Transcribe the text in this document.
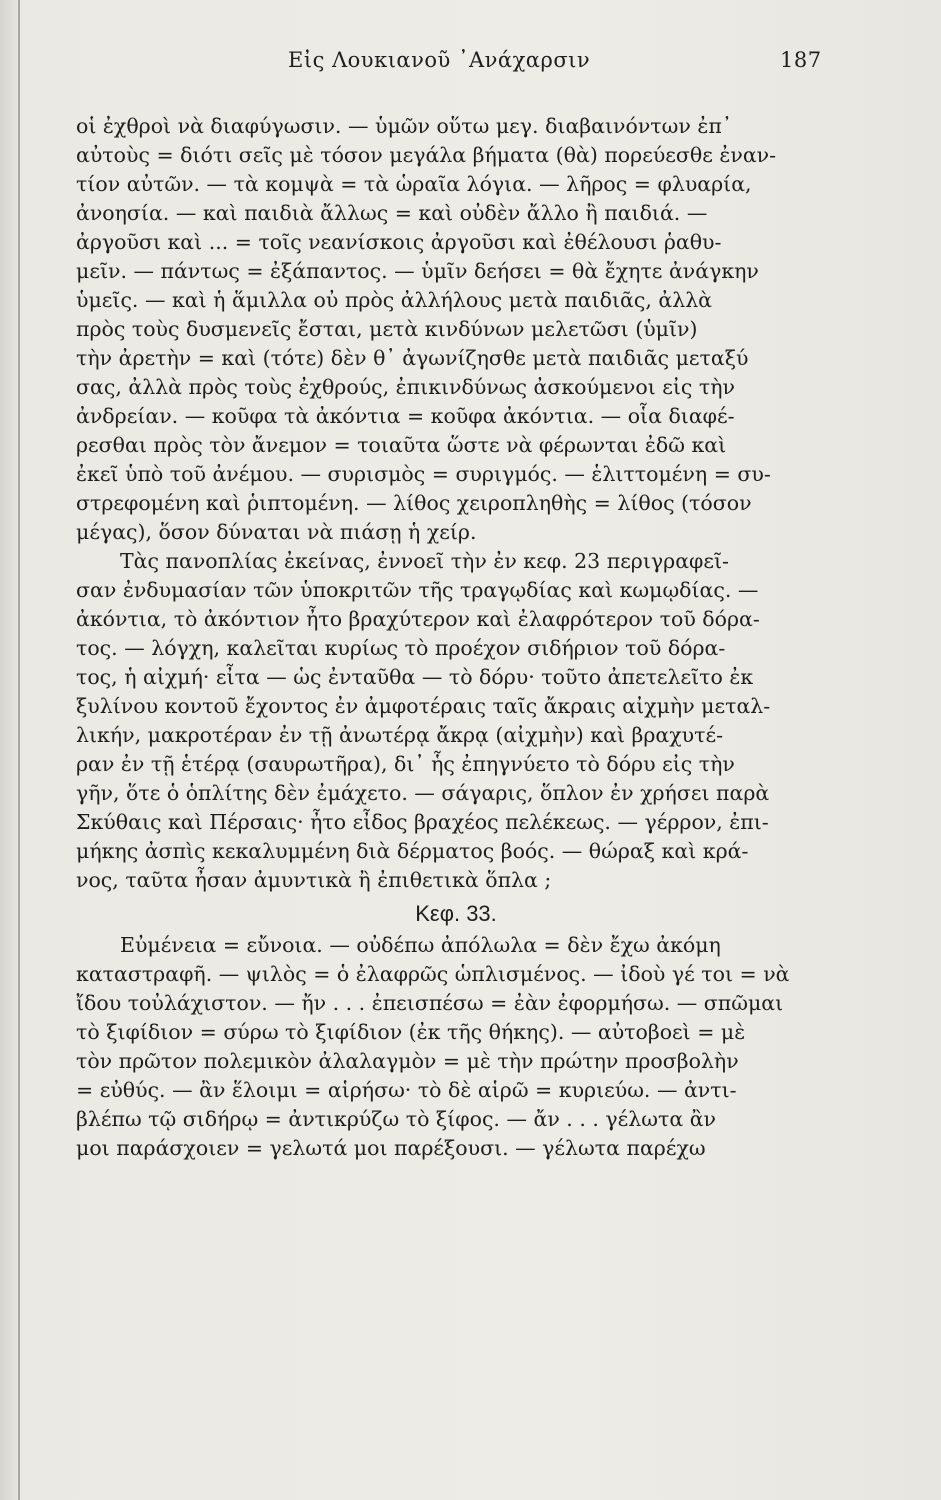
Εἰς Λουκιανοῦ ᾿Ανάχαρσιν	187
οἱ ἐχθροὶ νὰ διαφύγωσιν. — ὑμῶν οὕτω μεγ. διαβαινόντων ἐπ᾿
αὐτοὺς = διότι σεῖς μὲ τόσον μεγάλα βήματα (θὰ) πορεύεσθε ἐναν-
τίον αὐτῶν. — τὰ κομψὰ = τὰ ὡραῖα λόγια. — λῆρος = φλυαρία,
ἀνοησία. — καὶ παιδιὰ ἄλλως = καὶ οὐδὲν ἄλλο ἢ παιδιά. —
ἀργοῦσι καὶ ... = τοῖς νεανίσκοις ἀργοῦσι καὶ ἐθέλουσι ῥαθυ-
μεῖν. — πάντως = ἐξάπαντος. — ὑμῖν δεήσει = θὰ ἔχητε ἀνάγκην
ὑμεῖς. — καὶ ἡ ἅμιλλα οὐ πρὸς ἀλλήλους μετὰ παιδιᾶς, ἀλλὰ
πρὸς τοὺς δυσμενεῖς ἔσται, μετὰ κινδύνων μελετῶσι (ὑμῖν)
τὴν ἀρετὴν = καὶ (τότε) δὲν θ᾿ ἀγωνίζησθε μετὰ παιδιᾶς μεταξύ
σας, ἀλλὰ πρὸς τοὺς ἐχθρούς, ἐπικινδύνως ἀσκούμενοι εἰς τὴν
ἀνδρείαν. — κοῦφα τὰ ἀκόντια = κοῦφα ἀκόντια. — οἷα διαφέ-
ρεσθαι πρὸς τὸν ἄνεμον = τοιαῦτα ὥστε νὰ φέρωνται ἐδῶ καὶ
ἐκεῖ ὑπὸ τοῦ ἀνέμου. — συρισμὸς = συριγμός. — ἑλιττομένη = συ-
στρεφομένη καὶ ῥιπτομένη. — λίθος χειροπληθὴς = λίθος (τόσον
μέγας), ὅσον δύναται νὰ πιάσῃ ἡ χείρ.
Τὰς πανοπλίας ἐκείνας, ἐννοεῖ τὴν ἐν κεφ. 23 περιγραφεῖ-
σαν ἐνδυμασίαν τῶν ὑποκριτῶν τῆς τραγῳδίας καὶ κωμῳδίας. —
ἀκόντια, τὸ ἀκόντιον ἦτο βραχύτερον καὶ ἐλαφρότερον τοῦ δόρα-
τος. — λόγχη, καλεῖται κυρίως τὸ προέχον σιδήριον τοῦ δόρα-
τος, ἡ αἰχμή· εἶτα — ὡς ἐνταῦθα — τὸ δόρυ· τοῦτο ἀπετελεῖτο ἐκ
ξυλίνου κοντοῦ ἔχοντος ἐν ἀμφοτέραις ταῖς ἄκραις αἰχμὴν μεταλ-
λικήν, μακροτέραν ἐν τῇ ἀνωτέρᾳ ἄκρᾳ (αἰχμὴν) καὶ βραχυτέ-
ραν ἐν τῇ ἑτέρᾳ (σαυρωτῆρα), δι᾿ ἧς ἐπηγνύετο τὸ δόρυ εἰς τὴν
γῆν, ὅτε ὁ ὁπλίτης δὲν ἐμάχετο. — σάγαρις, ὅπλον ἐν χρήσει παρὰ
Σκύθαις καὶ Πέρσαις· ἦτο εἶδος βραχέος πελέκεως. — γέρρον, ἐπι-
μήκης ἀσπὶς κεκαλυμμένη διὰ δέρματος βοός. — θώραξ καὶ κρά-
νος, ταῦτα ἦσαν ἀμυντικὰ ἢ ἐπιθετικὰ ὅπλα ;
Κεφ. 33.
Εὐμένεια = εὔνοια. — οὐδέπω ἀπόλωλα = δὲν ἔχω ἀκόμη
καταστραφῆ. — ψιλὸς = ὁ ἐλαφρῶς ὡπλισμένος. — ἰδοὺ γέ τοι = νὰ
ἴδου τοὐλάχιστον. — ἤν . . . ἐπεισπέσω = ἐὰν ἐφορμήσω. — σπῶμαι
τὸ ξιφίδιον = σύρω τὸ ξιφίδιον (ἐκ τῆς θήκης). — αὐτοβοεὶ = μὲ
τὸν πρῶτον πολεμικὸν ἀλαλαγμὸν = μὲ τὴν πρώτην προσβολὴν
= εὐθύς. — ἂν ἕλοιμι = αἱρήσω· τὸ δὲ αἱρῶ = κυριεύω. — ἀντι-
βλέπω τῷ σιδήρῳ = ἀντικρύζω τὸ ξίφος. — ἄν . . . γέλωτα ἂν
μοι παράσχοιεν = γελωτά μοι παρέξουσι. — γέλωτα παρέχω
